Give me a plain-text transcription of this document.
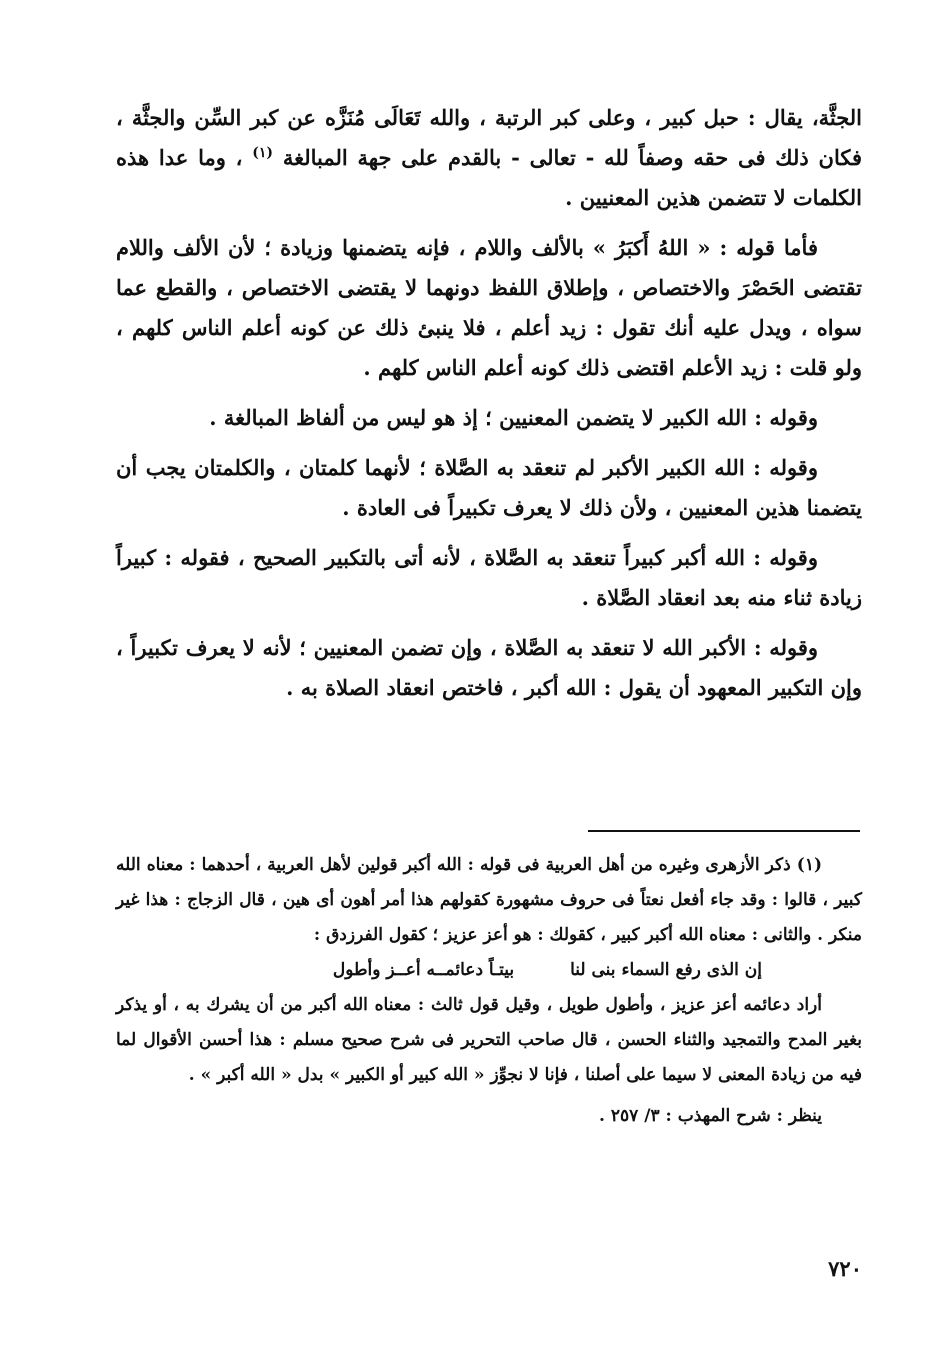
الجثَّة، يقال : حبل كبير ، وعلى كبر الرتبة ، والله تَعَالَى مُنَزَّه عن كبر السِّن والجثَّة ، فكان ذلك فى حقه وصفاً لله - تعالى - بالقدم على جهة المبالغة $^{(١)}$ ، وما عدا هذه الكلمات لا تتضمن هذين المعنيين .

فأما قوله : « اللهُ أَكبَرُ » بالألف واللام ، فإنه يتضمنها وزيادة ؛ لأن الألف واللام تقتضى الحَصْرَ والاختصاص ، وإطلاق اللفظ دونهما لا يقتضى الاختصاص ، والقطع عما سواه ، ويدل عليه أنك تقول : زيد أعلم ، فلا ينبئ ذلك عن كونه أعلم الناس كلهم ، ولو قلت : زيد الأعلم اقتضى ذلك كونه أعلم الناس كلهم .

وقوله : الله الكبير لا يتضمن المعنيين ؛ إذ هو ليس من ألفاظ المبالغة .

وقوله : الله الكبير الأكبر لم تنعقد به الصَّلاة ؛ لأنهما كلمتان ، والكلمتان يجب أن يتضمنا هذين المعنيين ، ولأن ذلك لا يعرف تكبيراً فى العادة .

وقوله : الله أكبر كبيراً تنعقد به الصَّلاة ، لأنه أتى بالتكبير الصحيح ، فقوله : كبيراً زيادة ثناء منه بعد انعقاد الصَّلاة .

وقوله : الأكبر الله لا تنعقد به الصَّلاة ، وإن تضمن المعنيين ؛ لأنه لا يعرف تكبيراً ، وإن التكبير المعهود أن يقول : الله أكبر ، فاختص انعقاد الصلاة به .

(١) ذكر الأزهرى وغيره من أهل العربية فى قوله : الله أكبر قولين لأهل العربية ، أحدهما : معناه الله كبير ، قالوا : وقد جاء أفعل نعتاً فى حروف مشهورة كقولهم هذا أمر أهون أى هين ، قال الزجاج : هذا غير منكر . والثانى : معناه الله أكبر كبير ، كقولك : هو أعز عزيز ؛ كقول الفرزدق :

إن الذى رفع السماء بنى لنا
بيتـاً دعائمــه أعــز وأطول

أراد دعائمه أعز عزيز ، وأطول طويل ، وقيل قول ثالث : معناه الله أكبر من أن يشرك به ، أو يذكر بغير المدح والتمجيد والثناء الحسن ، قال صاحب التحرير فى شرح صحيح مسلم : هذا أحسن الأقوال لما فيه من زيادة المعنى لا سيما على أصلنا ، فإنا لا نجوِّز « الله كبير أو الكبير » بدل « الله أكبر » .

ينظر : شرح المهذب : ٣/ ٢٥٧ .

٧٢٠
